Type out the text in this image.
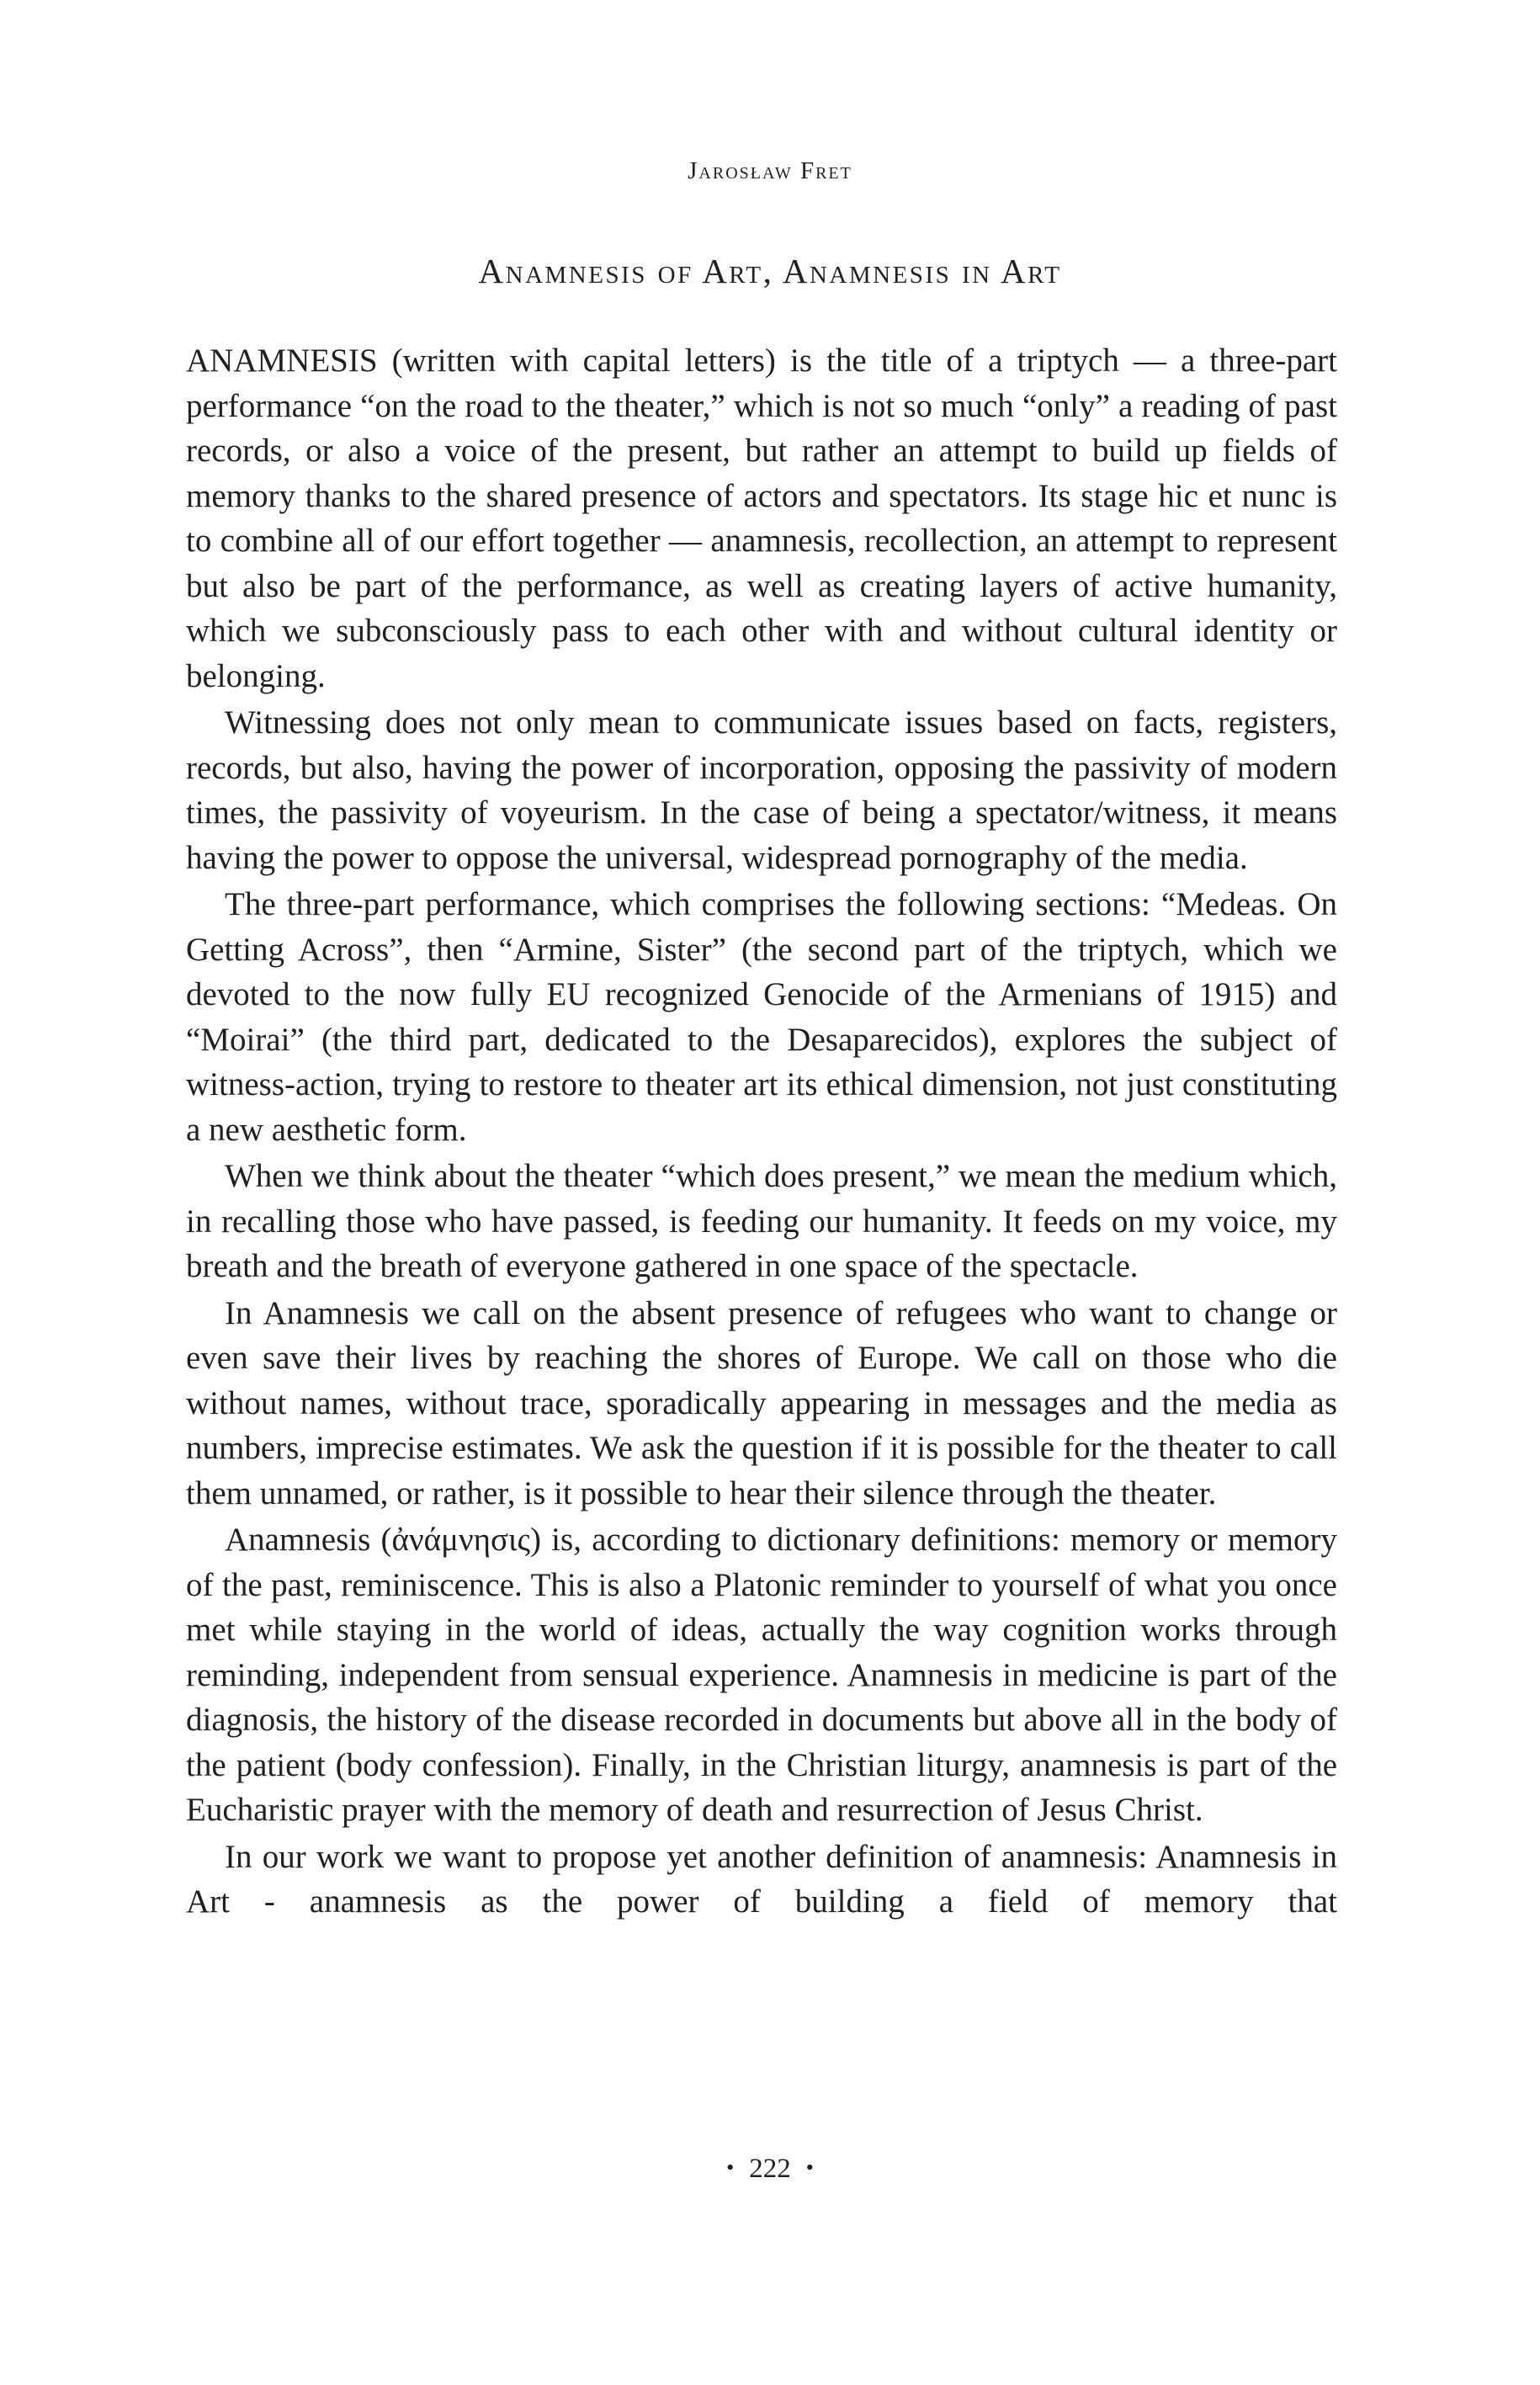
Jarosław Fret
Anamnesis of Art, Anamnesis in Art

ANAMNESIS (written with capital letters) is the title of a triptych — a three-part performance “on the road to the theater,” which is not so much “only” a reading of past records, or also a voice of the present, but rather an attempt to build up fields of memory thanks to the shared presence of actors and spectators. Its stage hic et nunc is to combine all of our effort together — anamnesis, recollection, an attempt to represent but also be part of the performance, as well as creating layers of active humanity, which we subconsciously pass to each other with and without cultural identity or belonging.

Witnessing does not only mean to communicate issues based on facts, registers, records, but also, having the power of incorporation, opposing the passivity of modern times, the passivity of voyeurism. In the case of being a spectator/witness, it means having the power to oppose the universal, widespread pornography of the media.

The three-part performance, which comprises the following sections: “Medeas. On Getting Across”, then “Armine, Sister” (the second part of the triptych, which we devoted to the now fully EU recognized Genocide of the Armenians of 1915) and “Moirai” (the third part, dedicated to the Desaparecidos), explores the subject of witness-action, trying to restore to theater art its ethical dimension, not just constituting a new aesthetic form.

When we think about the theater “which does present,” we mean the medium which, in recalling those who have passed, is feeding our humanity. It feeds on my voice, my breath and the breath of everyone gathered in one space of the spectacle.

In Anamnesis we call on the absent presence of refugees who want to change or even save their lives by reaching the shores of Europe. We call on those who die without names, without trace, sporadically appearing in messages and the media as numbers, imprecise estimates. We ask the question if it is possible for the theater to call them unnamed, or rather, is it possible to hear their silence through the theater.

Anamnesis (ἀνάμνησις) is, according to dictionary definitions: memory or memory of the past, reminiscence. This is also a Platonic reminder to yourself of what you once met while staying in the world of ideas, actually the way cognition works through reminding, independent from sensual experience. Anamnesis in medicine is part of the diagnosis, the history of the disease recorded in documents but above all in the body of the patient (body confession). Finally, in the Christian liturgy, anamnesis is part of the Eucharistic prayer with the memory of death and resurrection of Jesus Christ.

In our work we want to propose yet another definition of anamnesis: Anamnesis in Art - anamnesis as the power of building a field of memory that

• 222 •
